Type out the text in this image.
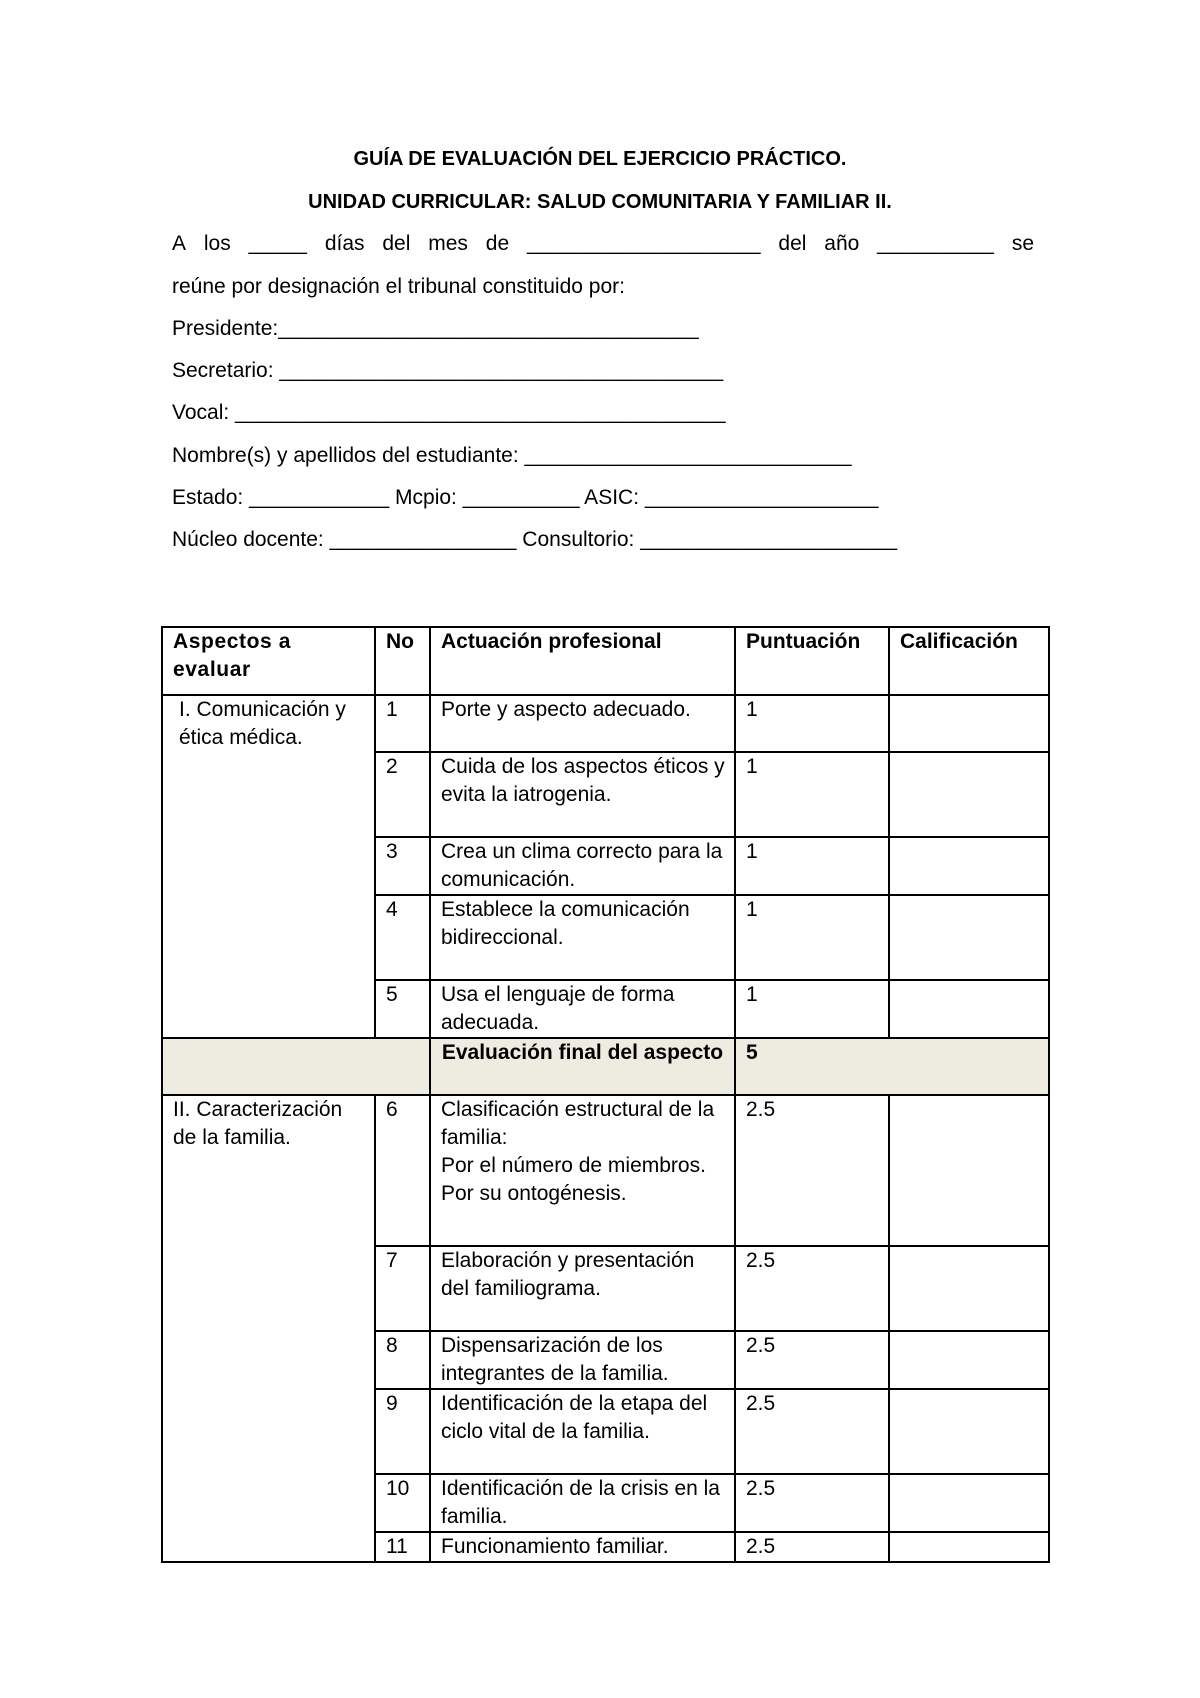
GUÍA DE EVALUACIÓN DEL EJERCICIO PRÁCTICO.
UNIDAD CURRICULAR: SALUD COMUNITARIA Y FAMILIAR II.
A los _____ días del mes de ____________________ del año __________ se
reúne por designación el tribunal constituido por:
Presidente:____________________________________
Secretario: ______________________________________
Vocal: __________________________________________
Nombre(s) y apellidos del estudiante: ____________________________
Estado: ____________ Mcpio: __________ ASIC: ____________________
Núcleo docente: ________________ Consultorio: ______________________
Aspectos a evaluar	No	Actuación profesional	Puntuación	Calificación
I. Comunicación y ética médica.	1	Porte y aspecto adecuado.	1	
	2	Cuida de los aspectos éticos y evita la iatrogenia.	1	
	3	Crea un clima correcto para la comunicación.	1	
	4	Establece la comunicación bidireccional.	1	
	5	Usa el lenguaje de forma adecuada.	1	
		Evaluación final del aspecto	5	
II. Caracterización de la familia.	6	Clasificación estructural de la familia:
Por el número de miembros.
Por su ontogénesis.	2.5	
	7	Elaboración y presentación del familiograma.	2.5	
	8	Dispensarización de los integrantes de la familia.	2.5	
	9	Identificación de la etapa del ciclo vital de la familia.	2.5	
	10	Identificación de la crisis en la familia.	2.5	
	11	Funcionamiento familiar.	2.5	
